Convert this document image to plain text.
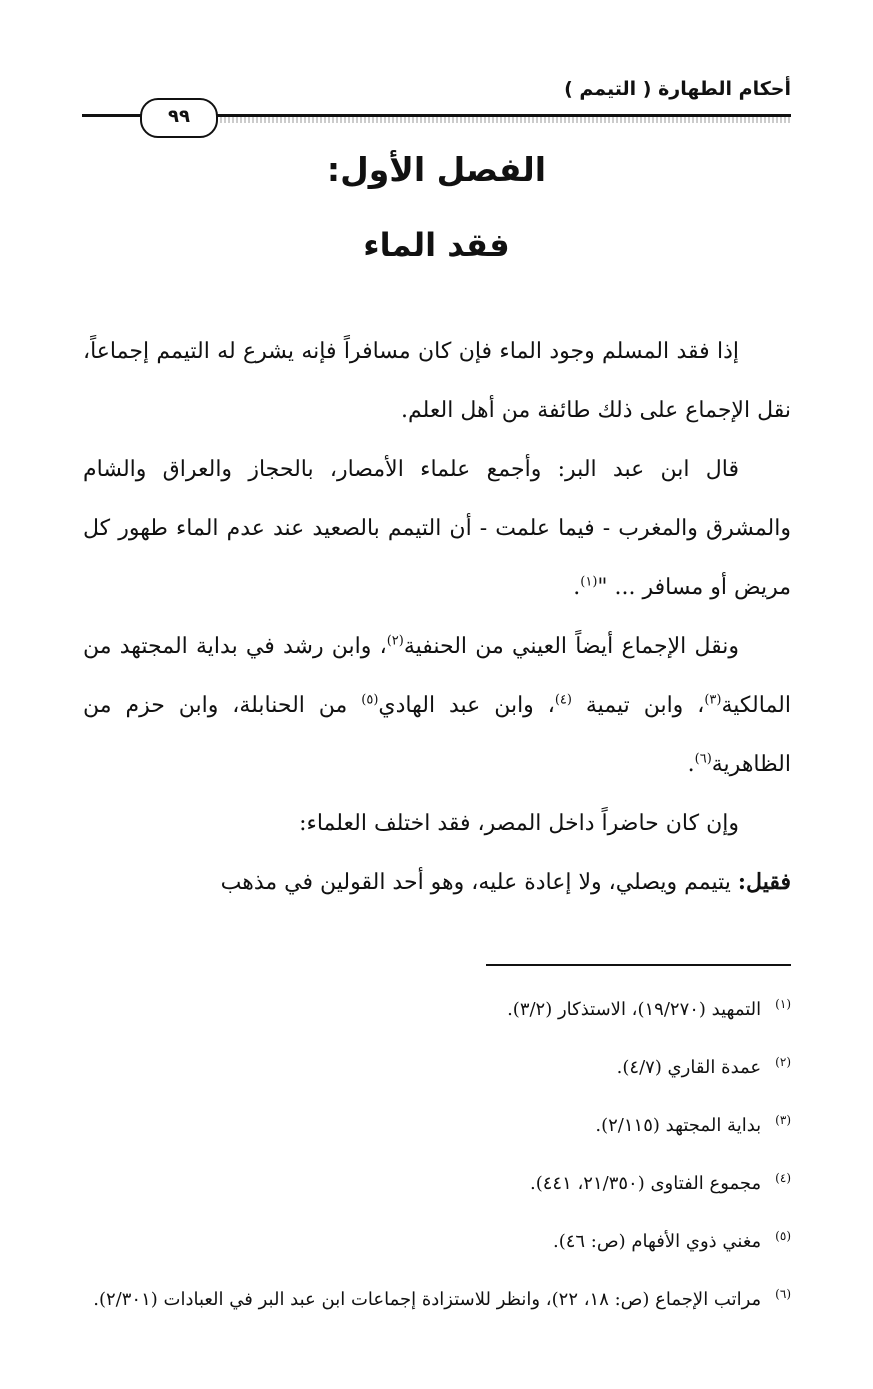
أحكام الطهارة ( التيمم )
٩٩
الفصل الأول:
فقد الماء

إذا فقد المسلم وجود الماء فإن كان مسافراً فإنه يشرع له التيمم إجماعاً، نقل الإجماع على ذلك طائفة من أهل العلم.

قال ابن عبد البر: وأجمع علماء الأمصار، بالحجاز والعراق والشام والمشرق والمغرب - فيما علمت - أن التيمم بالصعيد عند عدم الماء طهور كل مريض أو مسافر ... "$^{(١)}$.

ونقل الإجماع أيضاً العيني من الحنفية$^{(٢)}$، وابن رشد في بداية المجتهد من المالكية$^{(٣)}$، وابن تيمية $^{(٤)}$، وابن عبد الهادي$^{(٥)}$ من الحنابلة، وابن حزم من الظاهرية$^{(٦)}$.

وإن كان حاضراً داخل المصر، فقد اختلف العلماء:

فقيل: يتيمم ويصلي، ولا إعادة عليه، وهو أحد القولين في مذهب

(١)التمهيد (١٩/٢٧٠)، الاستذكار (٣/٢).

(٢)عمدة القاري (٤/٧).

(٣)بداية المجتهد (٢/١١٥).

(٤)مجموع الفتاوى (٢١/٣٥٠، ٤٤١).

(٥)مغني ذوي الأفهام (ص: ٤٦).

(٦)مراتب الإجماع (ص: ١٨، ٢٢)، وانظر للاستزادة إجماعات ابن عبد البر في العبادات (٢/٣٠١).
